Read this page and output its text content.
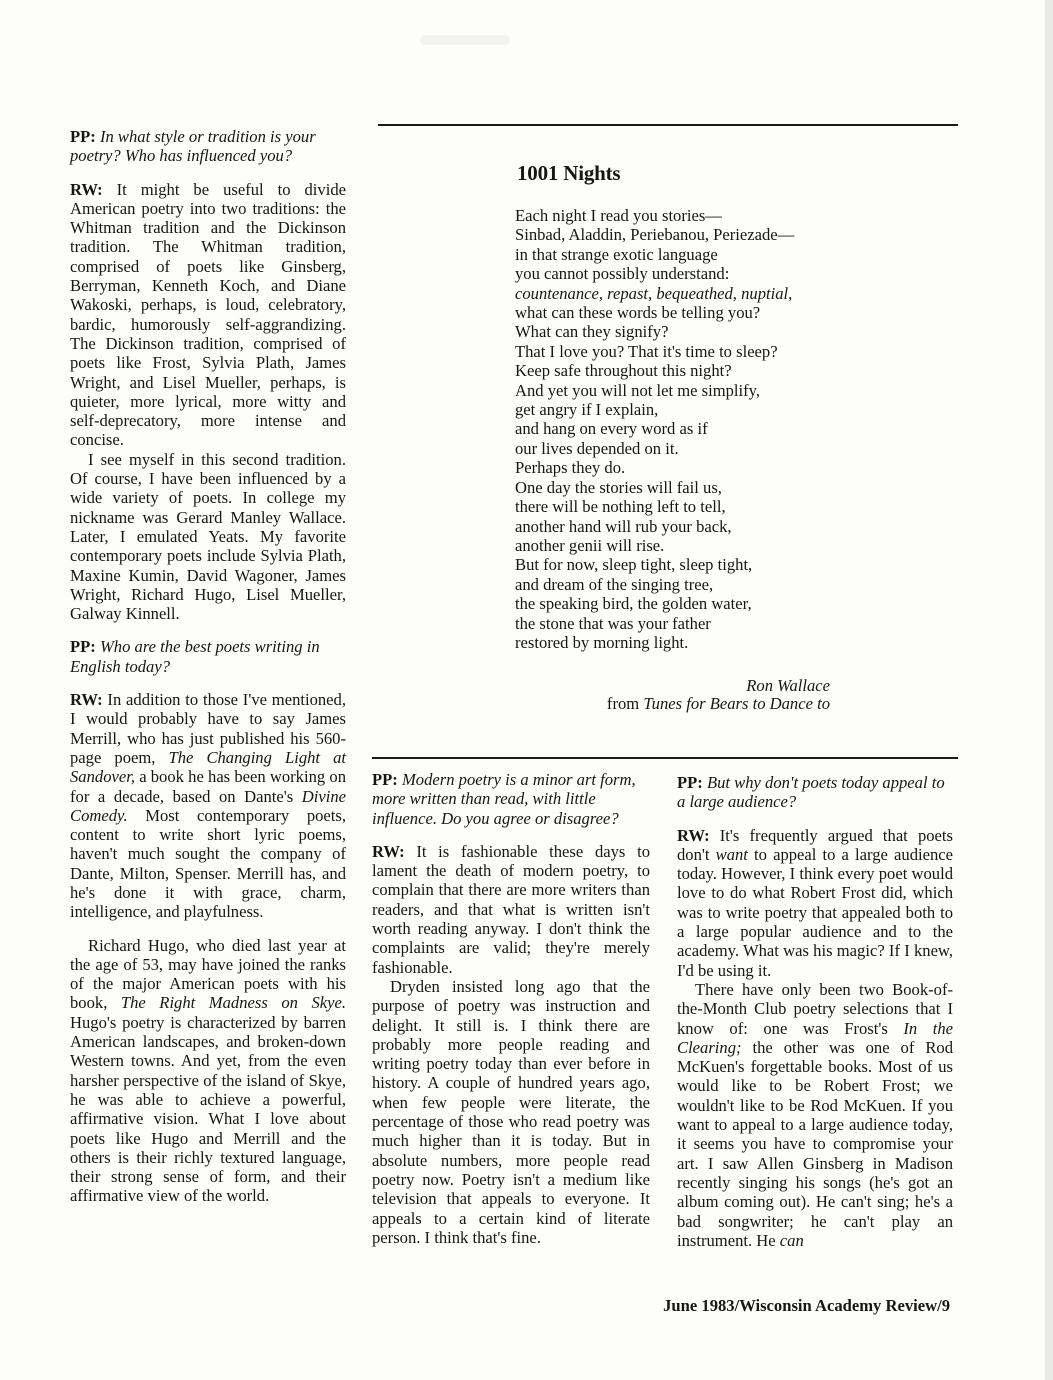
PP: In what style or tradition is your poetry? Who has influenced you?

RW: It might be useful to divide American poetry into two traditions: the Whitman tradition and the Dickinson tradition. The Whitman tradition, comprised of poets like Ginsberg, Berryman, Kenneth Koch, and Diane Wakoski, perhaps, is loud, celebratory, bardic, humorously self-aggrandizing. The Dickinson tradition, comprised of poets like Frost, Sylvia Plath, James Wright, and Lisel Mueller, perhaps, is quieter, more lyrical, more witty and self-deprecatory, more intense and concise.

I see myself in this second tradition. Of course, I have been influenced by a wide variety of poets. In college my nickname was Gerard Manley Wallace. Later, I emulated Yeats. My favorite contemporary poets include Sylvia Plath, Maxine Kumin, David Wagoner, James Wright, Richard Hugo, Lisel Mueller, Galway Kinnell.

PP: Who are the best poets writing in English today?

RW: In addition to those I've mentioned, I would probably have to say James Merrill, who has just published his 560-page poem, The Changing Light at Sandover, a book he has been working on for a decade, based on Dante's Divine Comedy. Most contemporary poets, content to write short lyric poems, haven't much sought the company of Dante, Milton, Spenser. Merrill has, and he's done it with grace, charm, intelligence, and playfulness.

Richard Hugo, who died last year at the age of 53, may have joined the ranks of the major American poets with his book, The Right Madness on Skye. Hugo's poetry is characterized by barren American landscapes, and broken-down Western towns. And yet, from the even harsher perspective of the island of Skye, he was able to achieve a powerful, affirmative vision. What I love about poets like Hugo and Merrill and the others is their richly textured language, their strong sense of form, and their affirmative view of the world.

1001 Nights
Each night I read you stories—
Sinbad, Aladdin, Periebanou, Periezade—
in that strange exotic language
you cannot possibly understand:
countenance, repast, bequeathed, nuptial,
what can these words be telling you?
What can they signify?
That I love you? That it's time to sleep?
Keep safe throughout this night?
And yet you will not let me simplify,
get angry if I explain,
and hang on every word as if
our lives depended on it.
Perhaps they do.
One day the stories will fail us,
there will be nothing left to tell,
another hand will rub your back,
another genii will rise.
But for now, sleep tight, sleep tight,
and dream of the singing tree,
the speaking bird, the golden water,
the stone that was your father
restored by morning light.
Ron Wallace
from Tunes for Bears to Dance to

PP: Modern poetry is a minor art form, more written than read, with little influence. Do you agree or disagree?

RW: It is fashionable these days to lament the death of modern poetry, to complain that there are more writers than readers, and that what is written isn't worth reading anyway. I don't think the complaints are valid; they're merely fashionable.

Dryden insisted long ago that the purpose of poetry was instruction and delight. It still is. I think there are probably more people reading and writing poetry today than ever before in history. A couple of hundred years ago, when few people were literate, the percentage of those who read poetry was much higher than it is today. But in absolute numbers, more people read poetry now. Poetry isn't a medium like television that appeals to everyone. It appeals to a certain kind of literate person. I think that's fine.

PP: But why don't poets today appeal to a large audience?

RW: It's frequently argued that poets don't want to appeal to a large audience today. However, I think every poet would love to do what Robert Frost did, which was to write poetry that appealed both to a large popular audience and to the academy. What was his magic? If I knew, I'd be using it.

There have only been two Book-of-the-Month Club poetry selections that I know of: one was Frost's In the Clearing; the other was one of Rod McKuen's forgettable books. Most of us would like to be Robert Frost; we wouldn't like to be Rod McKuen. If you want to appeal to a large audience today, it seems you have to compromise your art. I saw Allen Ginsberg in Madison recently singing his songs (he's got an album coming out). He can't sing; he's a bad songwriter; he can't play an instrument. He can

June 1983/Wisconsin Academy Review/9
